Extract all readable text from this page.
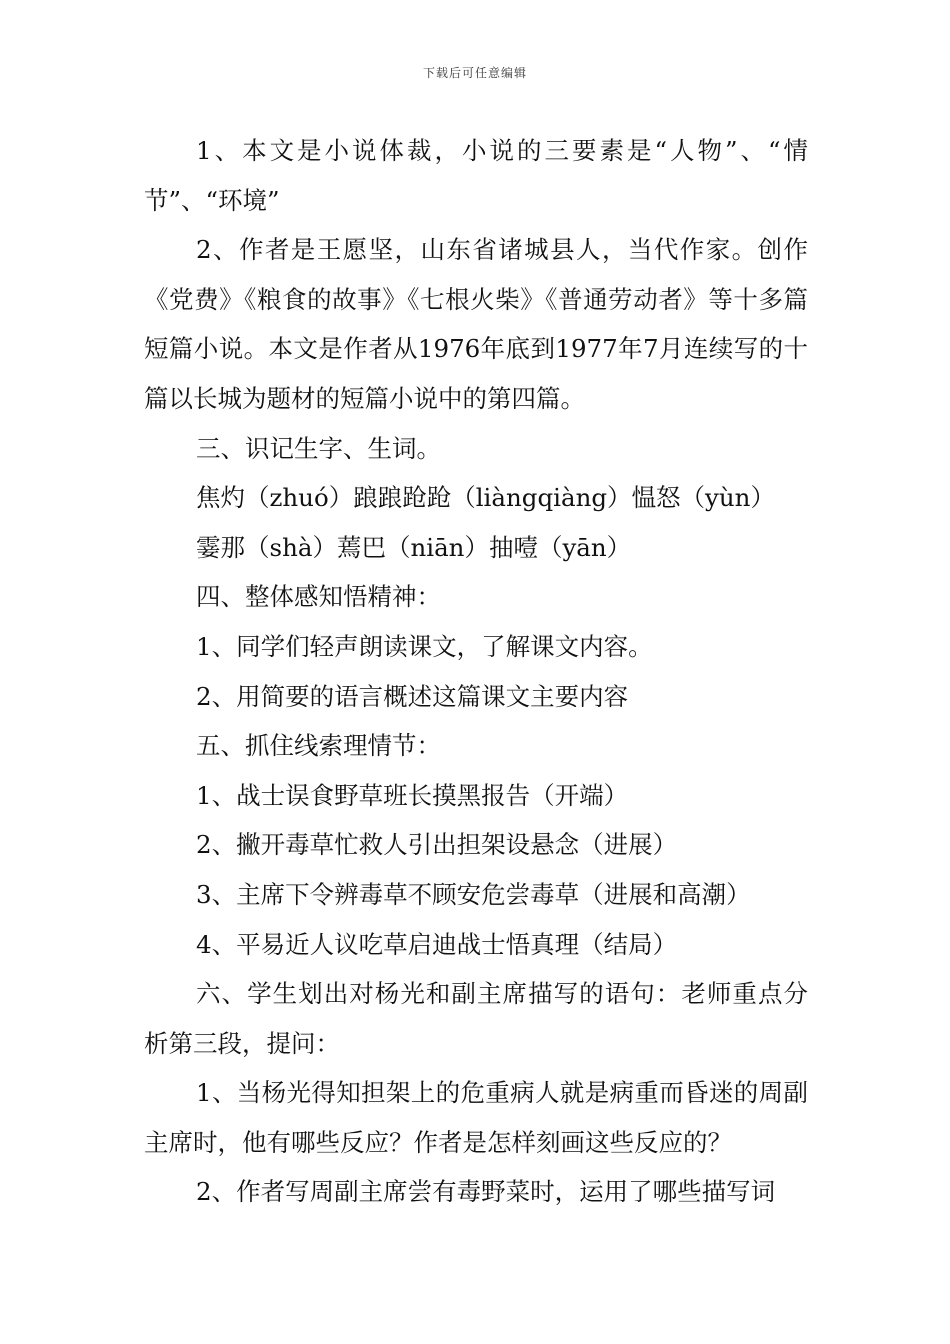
下载后可任意编辑

1、本文是小说体裁，小说的三要素是“人物”、“情节”、“环境”

2、作者是王愿坚，山东省诸城县人，当代作家。创作《党费》《粮食的故事》《七根火柴》《普通劳动者》等十多篇短篇小说。本文是作者从1976年底到1977年7月连续写的十篇以长城为题材的短篇小说中的第四篇。

三、识记生字、生词。

焦灼（zhuó）踉踉跄跄（liàngqiàng）愠怒（yùn）

霎那（shà）蔫巴（niān）抽噎（yān）

四、整体感知悟精神：

1、同学们轻声朗读课文，了解课文内容。

2、用简要的语言概述这篇课文主要内容

五、抓住线索理情节：

1、战士误食野草班长摸黑报告（开端）

2、撇开毒草忙救人引出担架设悬念（进展）

3、主席下令辨毒草不顾安危尝毒草（进展和高潮）

4、平易近人议吃草启迪战士悟真理（结局）

六、学生划出对杨光和副主席描写的语句：老师重点分析第三段，提问：

1、当杨光得知担架上的危重病人就是病重而昏迷的周副主席时，他有哪些反应？作者是怎样刻画这些反应的？

2、作者写周副主席尝有毒野菜时，运用了哪些描写词
